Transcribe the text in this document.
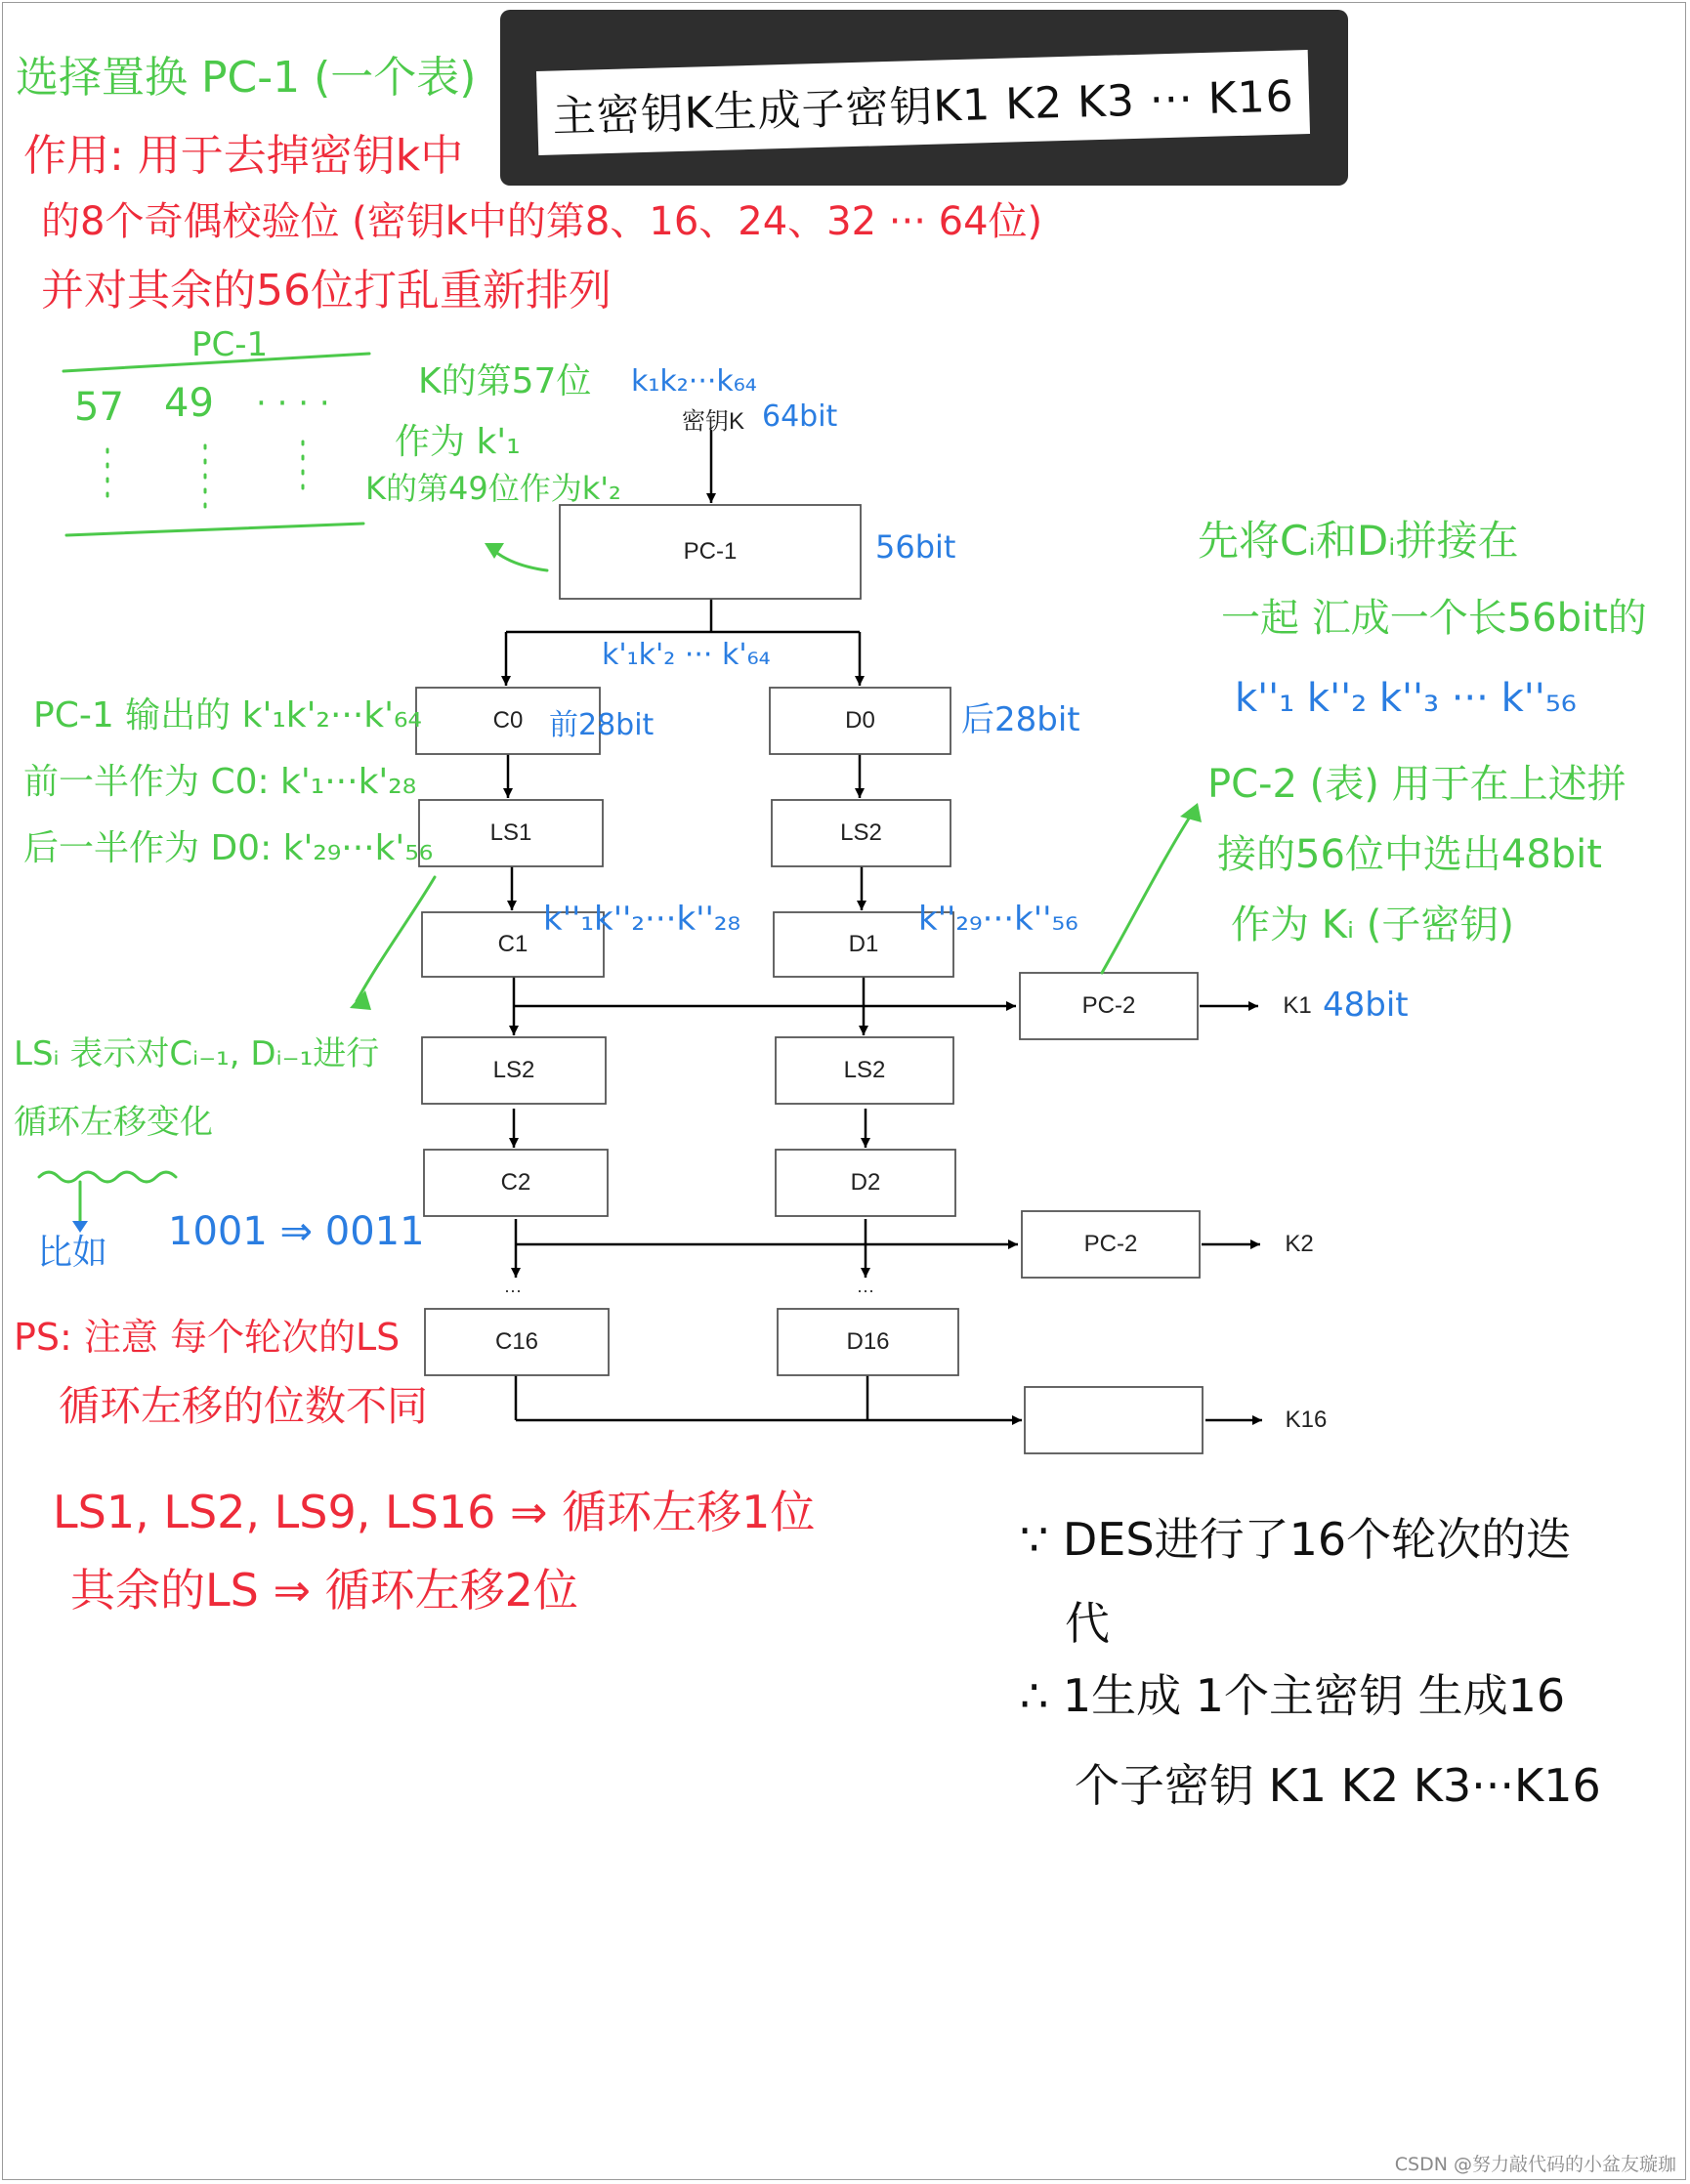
主密钥K生成子密钥K1 K2 K3 ··· K16
PC-1
C0	D0
LS1	LS2
C1	D1
LS2	LS2
C2	D2
···	···
C16	D16
PC-2
PC-2
K1
K2
K16
密钥K
选择置换 PC-1 (一个表)
作用: 用于去掉密钥k中
的8个奇偶校验位 (密钥k中的第8、16、24、32 ··· 64位)
并对其余的56位打乱重新排列
PC-1
57 49 · · · ·
K的第57位
作为 k'₁
K的第49位作为k'₂
k₁k₂···k₆₄
64bit
56bit
k'₁k'₂ ··· k'₆₄
前28bit	后28bit
PC-1 输出的 k'₁k'₂···k'₆₄
前一半作为 C0: k'₁···k'₂₈
后一半作为 D0: k'₂₉···k'₅₆
k''₁k''₂···k''₂₈	k''₂₉···k''₅₆
先将Cᵢ和Dᵢ拼接在
一起 汇成一个长56bit的
k''₁ k''₂ k''₃ ··· k''₅₆
PC-2 (表) 用于在上述拼
接的56位中选出48bit
作为 Kᵢ (子密钥)
48bit
LSᵢ 表示对Cᵢ₋₁, Dᵢ₋₁进行
循环左移变化
比如 1001 ⇒ 0011
PS: 注意 每个轮次的LS
循环左移的位数不同
LS1, LS2, LS9, LS16 ⇒ 循环左移1位
其余的LS ⇒ 循环左移2位
∵ DES进行了16个轮次的迭
代
∴ 1生成 1个主密钥 生成16
个子密钥 K1 K2 K3···K16
CSDN @努力敲代码的小盆友璇珈
